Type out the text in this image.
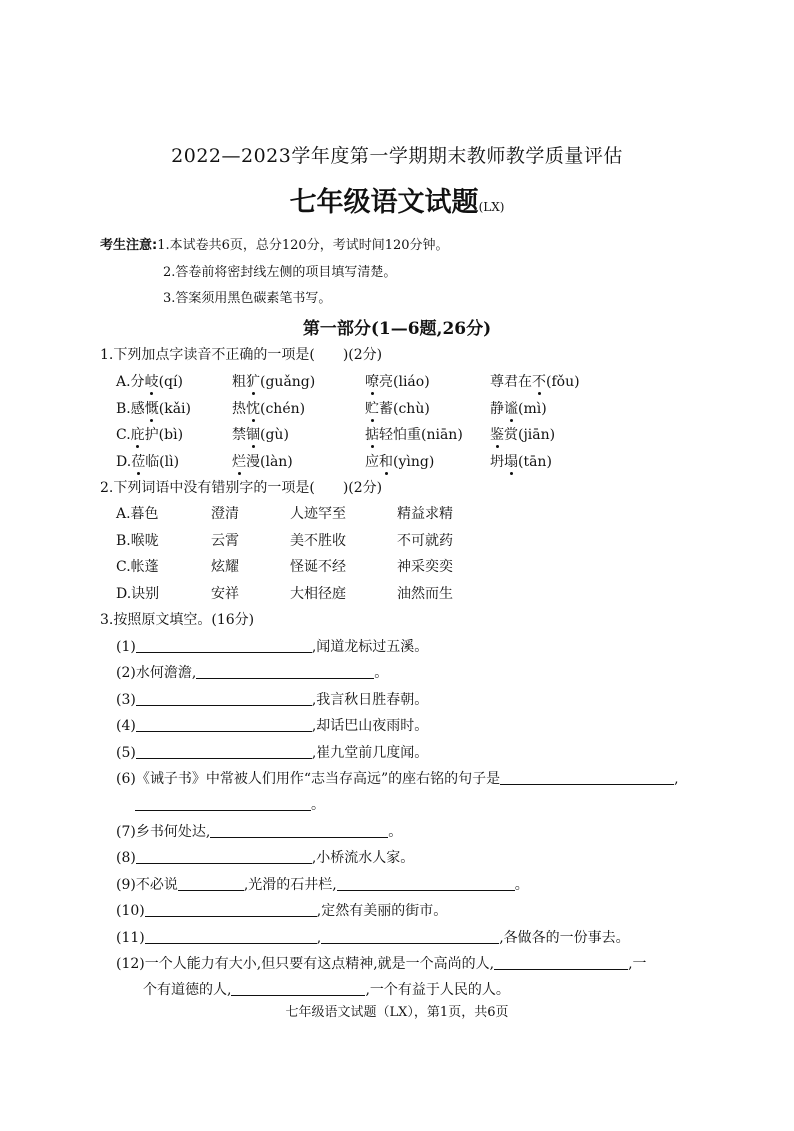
2022—2023学年度第一学期期末教师教学质量评估
七年级语文试题(LX)
考生注意:1.本试卷共6页，总分120分，考试时间120分钟。
2.答卷前将密封线左侧的项目填写清楚。
3.答案须用黑色碳素笔书写。
第一部分(1—6题,26分)
1.下列加点字读音不正确的一项是(　　)(2分)
A.分岐(qí)	粗犷(guǎng)	嘹亮(liáo)	尊君在不(fǒu)
B.感慨(kǎi)	热忱(chén)	贮蓄(chù)	静谧(mì)
C.庇护(bì)	禁锢(gù)	掂轻怕重(niān) 鉴赏(jiān)
D.莅临(lì)	烂漫(làn)	应和(yìng)	坍塌(tān)
2.下列词语中没有错别字的一项是(　　)(2分)
A.暮色	澄清	人迹罕至	精益求精
B.喉咙	云霄	美不胜收	不可就药
C.帐蓬	炫耀	怪诞不经	神采奕奕
D.诀别	安祥	大相径庭	油然而生
3.按照原文填空。(16分)
(1)	,闻道龙标过五溪。
(2)水何澹澹,	。
(3)	,我言秋日胜春朝。
(4)	,却话巴山夜雨时。
(5)	,崔九堂前几度闻。
(6)《诫子书》中常被人们用作“志当存高远”的座右铭的句子是	,
。
(7)乡书何处达,	。
(8)	,小桥流水人家。
(9)不必说	,光滑的石井栏,	。
(10)	,定然有美丽的街市。
(11)	,	,各做各的一份事去。
(12)一个人能力有大小,但只要有这点精神,就是一个高尚的人,	,一
个有道德的人,	,一个有益于人民的人。
七年级语文试题（LX），第1页，共6页
